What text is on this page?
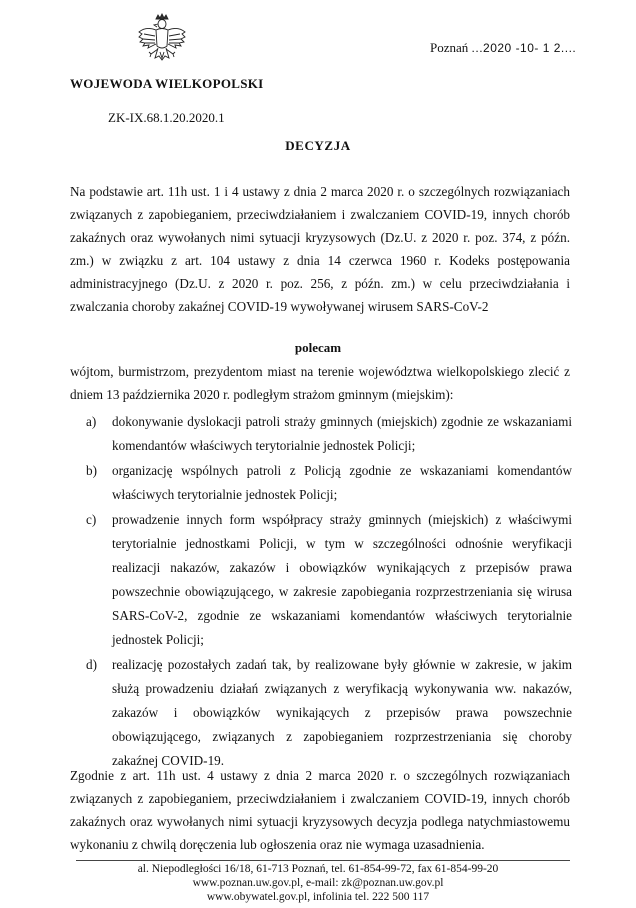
Poznań ...2020 -10- 1 2....
WOJEWODA WIELKOPOLSKI
ZK-IX.68.1.20.2020.1
DECYZJA

Na podstawie art. 11h ust. 1 i 4 ustawy z dnia 2 marca 2020 r. o szczególnych rozwiązaniach związanych z zapobieganiem, przeciwdziałaniem i zwalczaniem COVID-19, innych chorób zakaźnych oraz wywołanych nimi sytuacji kryzysowych (Dz.U. z 2020 r. poz. 374, z późn. zm.) w związku z art. 104 ustawy z dnia 14 czerwca 1960 r. Kodeks postępowania administracyjnego (Dz.U. z 2020 r. poz. 256, z późn. zm.) w celu przeciwdziałania i zwalczania choroby zakaźnej COVID-19 wywoływanej wirusem SARS-CoV-2

polecam

wójtom, burmistrzom, prezydentom miast na terenie województwa wielkopolskiego zlecić z dniem 13 października 2020 r. podległym strażom gminnym (miejskim):

a)	dokonywanie dyslokacji patroli straży gminnych (miejskich) zgodnie ze wskazaniami komendantów właściwych terytorialnie jednostek Policji;
b)	organizację wspólnych patroli z Policją zgodnie ze wskazaniami komendantów właściwych terytorialnie jednostek Policji;
c)	prowadzenie innych form współpracy straży gminnych (miejskich) z właściwymi terytorialnie jednostkami Policji, w tym w szczególności odnośnie weryfikacji realizacji nakazów, zakazów i obowiązków wynikających z przepisów prawa powszechnie obowiązującego, w zakresie zapobiegania rozprzestrzeniania się wirusa SARS-CoV-2, zgodnie ze wskazaniami komendantów właściwych terytorialnie jednostek Policji;
d)	realizację pozostałych zadań tak, by realizowane były głównie w zakresie, w jakim służą prowadzeniu działań związanych z weryfikacją wykonywania ww. nakazów, zakazów i obowiązków wynikających z przepisów prawa powszechnie obowiązującego, związanych z zapobieganiem rozprzestrzeniania się choroby zakaźnej COVID-19.

Zgodnie z art. 11h ust. 4 ustawy z dnia 2 marca 2020 r. o szczególnych rozwiązaniach związanych z zapobieganiem, przeciwdziałaniem i zwalczaniem COVID-19, innych chorób zakaźnych oraz wywołanych nimi sytuacji kryzysowych decyzja podlega natychmiastowemu wykonaniu z chwilą doręczenia lub ogłoszenia oraz nie wymaga uzasadnienia.

al. Niepodległości 16/18, 61-713 Poznań, tel. 61-854-99-72, fax 61-854-99-20
www.poznan.uw.gov.pl, e-mail: zk@poznan.uw.gov.pl
www.obywatel.gov.pl, infolinia tel. 222 500 117
